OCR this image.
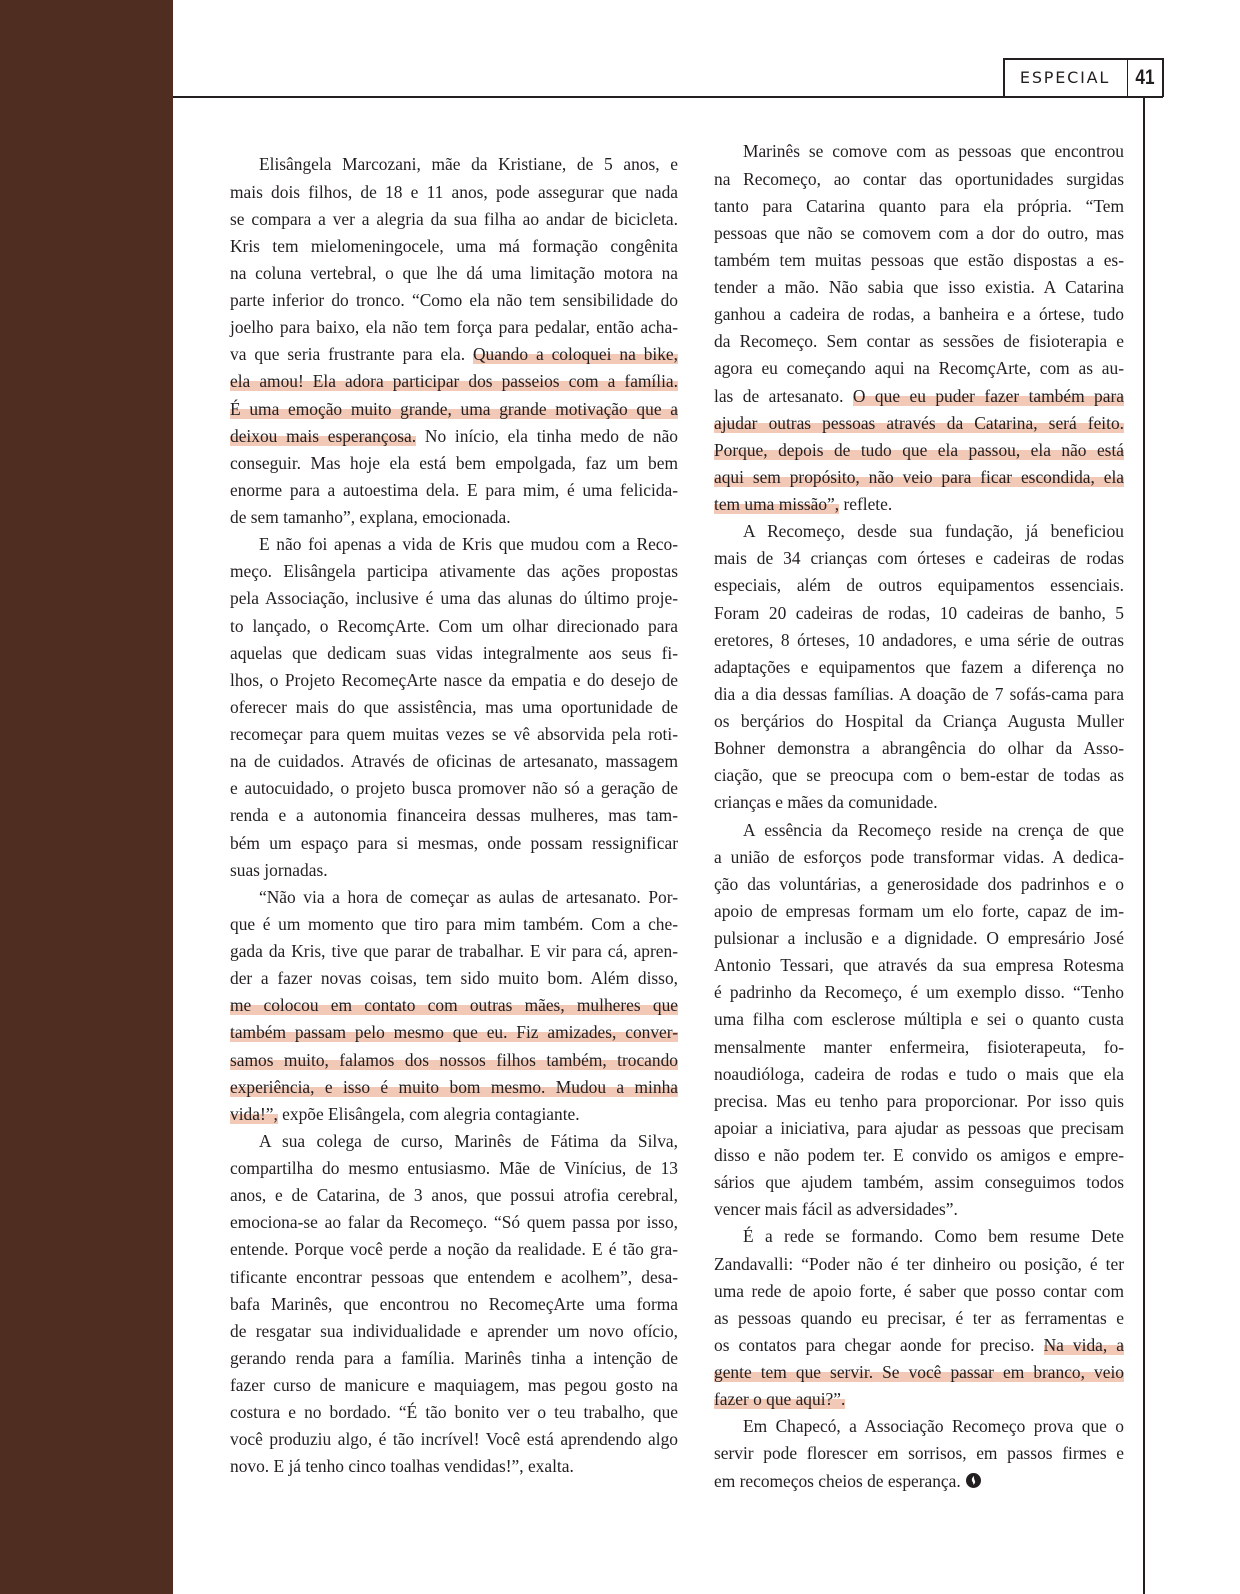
ESPECIAL	41
Elisângela Marcozani, mãe da Kristiane, de 5 anos, e
mais dois filhos, de 18 e 11 anos, pode assegurar que nada
se compara a ver a alegria da sua filha ao andar de bicicleta.
Kris tem mielomeningocele, uma má formação congênita
na coluna vertebral, o que lhe dá uma limitação motora na
parte inferior do tronco. “Como ela não tem sensibilidade do
joelho para baixo, ela não tem força para pedalar, então acha-
va que seria frustrante para ela. Quando a coloquei na bike,
ela amou! Ela adora participar dos passeios com a família.
É uma emoção muito grande, uma grande motivação que a
deixou mais esperançosa. No início, ela tinha medo de não
conseguir. Mas hoje ela está bem empolgada, faz um bem
enorme para a autoestima dela. E para mim, é uma felicida-
de sem tamanho”, explana, emocionada.
E não foi apenas a vida de Kris que mudou com a Reco-
meço. Elisângela participa ativamente das ações propostas
pela Associação, inclusive é uma das alunas do último proje-
to lançado, o RecomçArte. Com um olhar direcionado para
aquelas que dedicam suas vidas integralmente aos seus fi-
lhos, o Projeto RecomeçArte nasce da empatia e do desejo de
oferecer mais do que assistência, mas uma oportunidade de
recomeçar para quem muitas vezes se vê absorvida pela roti-
na de cuidados. Através de oficinas de artesanato, massagem
e autocuidado, o projeto busca promover não só a geração de
renda e a autonomia financeira dessas mulheres, mas tam-
bém um espaço para si mesmas, onde possam ressignificar
suas jornadas.
“Não via a hora de começar as aulas de artesanato. Por-
que é um momento que tiro para mim também. Com a che-
gada da Kris, tive que parar de trabalhar. E vir para cá, apren-
der a fazer novas coisas, tem sido muito bom. Além disso,
me colocou em contato com outras mães, mulheres que
também passam pelo mesmo que eu. Fiz amizades, conver-
samos muito, falamos dos nossos filhos também, trocando
experiência, e isso é muito bom mesmo. Mudou a minha
vida!”, expõe Elisângela, com alegria contagiante.
A sua colega de curso, Marinês de Fátima da Silva,
compartilha do mesmo entusiasmo. Mãe de Vinícius, de 13
anos, e de Catarina, de 3 anos, que possui atrofia cerebral,
emociona-se ao falar da Recomeço. “Só quem passa por isso,
entende. Porque você perde a noção da realidade. E é tão gra-
tificante encontrar pessoas que entendem e acolhem”, desa-
bafa Marinês, que encontrou no RecomeçArte uma forma
de resgatar sua individualidade e aprender um novo ofício,
gerando renda para a família. Marinês tinha a intenção de
fazer curso de manicure e maquiagem, mas pegou gosto na
costura e no bordado. “É tão bonito ver o teu trabalho, que
você produziu algo, é tão incrível! Você está aprendendo algo
novo. E já tenho cinco toalhas vendidas!”, exalta.
Marinês se comove com as pessoas que encontrou
na Recomeço, ao contar das oportunidades surgidas
tanto para Catarina quanto para ela própria. “Tem
pessoas que não se comovem com a dor do outro, mas
também tem muitas pessoas que estão dispostas a es-
tender a mão. Não sabia que isso existia. A Catarina
ganhou a cadeira de rodas, a banheira e a órtese, tudo
da Recomeço. Sem contar as sessões de fisioterapia e
agora eu começando aqui na RecomçArte, com as au-
las de artesanato. O que eu puder fazer também para
ajudar outras pessoas através da Catarina, será feito.
Porque, depois de tudo que ela passou, ela não está
aqui sem propósito, não veio para ficar escondida, ela
tem uma missão”, reflete.
A Recomeço, desde sua fundação, já beneficiou
mais de 34 crianças com órteses e cadeiras de rodas
especiais, além de outros equipamentos essenciais.
Foram 20 cadeiras de rodas, 10 cadeiras de banho, 5
eretores, 8 órteses, 10 andadores, e uma série de outras
adaptações e equipamentos que fazem a diferença no
dia a dia dessas famílias. A doação de 7 sofás-cama para
os berçários do Hospital da Criança Augusta Muller
Bohner demonstra a abrangência do olhar da Asso-
ciação, que se preocupa com o bem-estar de todas as
crianças e mães da comunidade.
A essência da Recomeço reside na crença de que
a união de esforços pode transformar vidas. A dedica-
ção das voluntárias, a generosidade dos padrinhos e o
apoio de empresas formam um elo forte, capaz de im-
pulsionar a inclusão e a dignidade. O empresário José
Antonio Tessari, que através da sua empresa Rotesma
é padrinho da Recomeço, é um exemplo disso. “Tenho
uma filha com esclerose múltipla e sei o quanto custa
mensalmente manter enfermeira, fisioterapeuta, fo-
noaudióloga, cadeira de rodas e tudo o mais que ela
precisa. Mas eu tenho para proporcionar. Por isso quis
apoiar a iniciativa, para ajudar as pessoas que precisam
disso e não podem ter. E convido os amigos e empre-
sários que ajudem também, assim conseguimos todos
vencer mais fácil as adversidades”.
É a rede se formando. Como bem resume Dete
Zandavalli: “Poder não é ter dinheiro ou posição, é ter
uma rede de apoio forte, é saber que posso contar com
as pessoas quando eu precisar, é ter as ferramentas e
os contatos para chegar aonde for preciso. Na vida, a
gente tem que servir. Se você passar em branco, veio
fazer o que aqui?”.
Em Chapecó, a Associação Recomeço prova que o
servir pode florescer em sorrisos, em passos firmes e
em recomeços cheios de esperança.
